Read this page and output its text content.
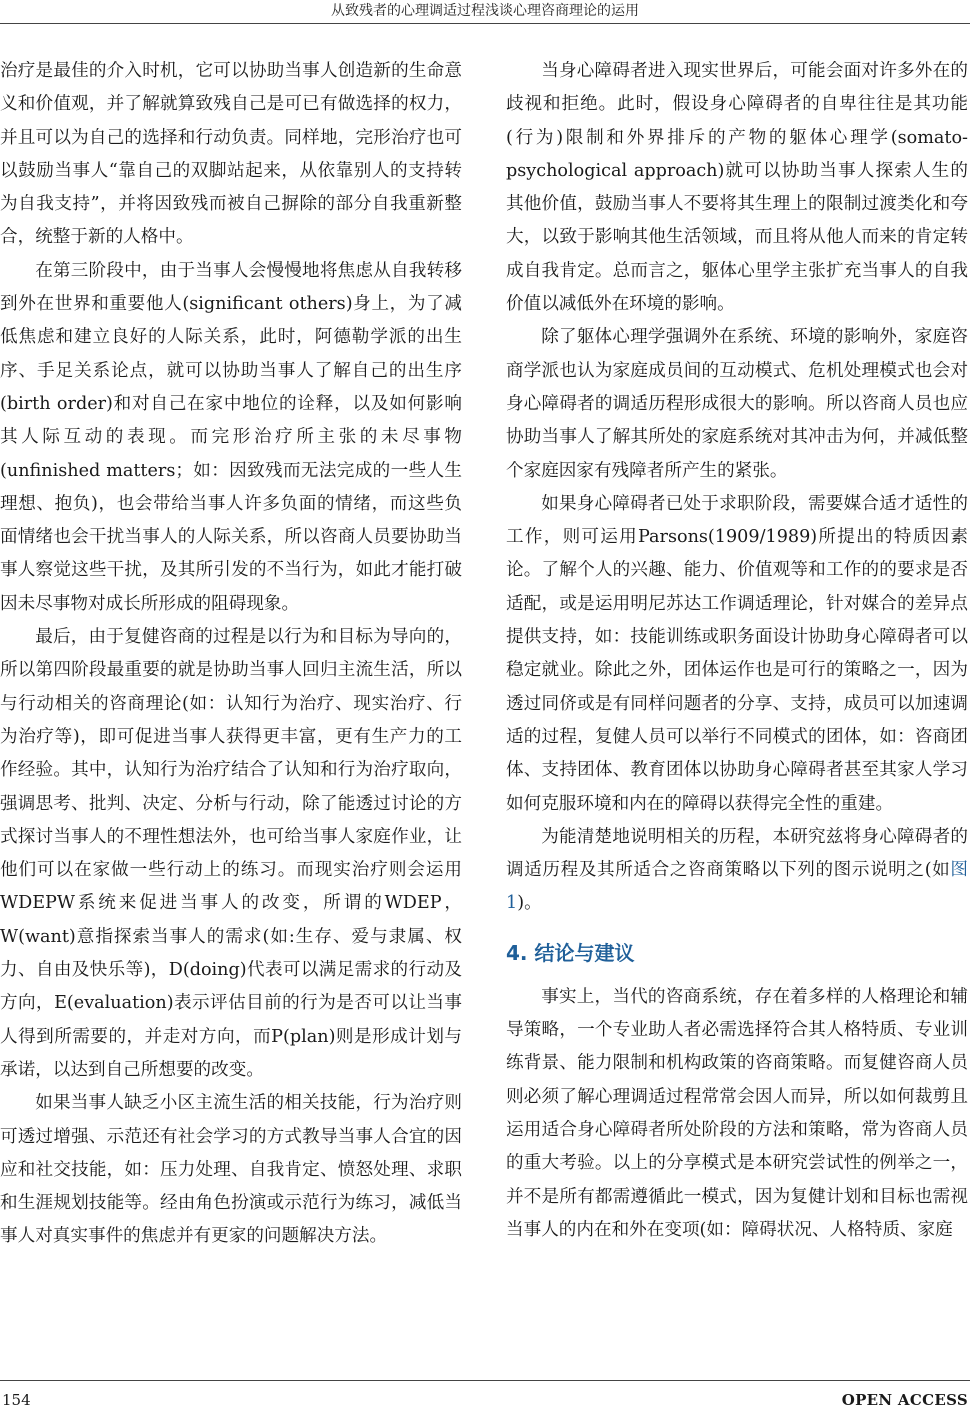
从致残者的心理调适过程浅谈心理咨商理论的运用

治疗是最佳的介入时机，它可以协助当事人创造新的生命意义和价值观，并了解就算致残自己是可已有做选择的权力，并且可以为自己的选择和行动负责。同样地，完形治疗也可以鼓励当事人“靠自己的双脚站起来，从依靠别人的支持转为自我支持”，并将因致残而被自己摒除的部分自我重新整合，统整于新的人格中。

在第三阶段中，由于当事人会慢慢地将焦虑从自我转移到外在世界和重要他人(significant others)身上，为了减低焦虑和建立良好的人际关系，此时，阿德勒学派的出生序、手足关系论点，就可以协助当事人了解自己的出生序(birth order)和对自己在家中地位的诠释，以及如何影响其人际互动的表现。而完形治疗所主张的未尽事物(unfinished matters；如：因致残而无法完成的一些人生理想、抱负)，也会带给当事人许多负面的情绪，而这些负面情绪也会干扰当事人的人际关系，所以咨商人员要协助当事人察觉这些干扰，及其所引发的不当行为，如此才能打破因未尽事物对成长所形成的阻碍现象。

最后，由于复健咨商的过程是以行为和目标为导向的，所以第四阶段最重要的就是协助当事人回归主流生活，所以与行动相关的咨商理论(如：认知行为治疗、现实治疗、行为治疗等)，即可促进当事人获得更丰富，更有生产力的工作经验。其中，认知行为治疗结合了认知和行为治疗取向，强调思考、批判、决定、分析与行动，除了能透过讨论的方式探讨当事人的不理性想法外，也可给当事人家庭作业，让他们可以在家做一些行动上的练习。而现实治疗则会运用WDEPW系统来促进当事人的改变，所谓的WDEP，W(want)意指探索当事人的需求(如:生存、爱与隶属、权力、自由及快乐等)，D(doing)代表可以满足需求的行动及方向，E(evaluation)表示评估目前的行为是否可以让当事人得到所需要的，并走对方向，而P(plan)则是形成计划与承诺，以达到自己所想要的改变。

如果当事人缺乏小区主流生活的相关技能，行为治疗则可透过增强、示范还有社会学习的方式教导当事人合宜的因应和社交技能，如：压力处理、自我肯定、愤怒处理、求职和生涯规划技能等。经由角色扮演或示范行为练习，减低当事人对真实事件的焦虑并有更家的问题解决方法。

当身心障碍者进入现实世界后，可能会面对许多外在的歧视和拒绝。此时，假设身心障碍者的自卑往往是其功能(行为)限制和外界排斥的产物的躯体心理学(somato-psychological approach)就可以协助当事人探索人生的其他价值，鼓励当事人不要将其生理上的限制过渡类化和夸大，以致于影响其他生活领域，而且将从他人而来的肯定转成自我肯定。总而言之，躯体心里学主张扩充当事人的自我价值以减低外在环境的影响。

除了躯体心理学强调外在系统、环境的影响外，家庭咨商学派也认为家庭成员间的互动模式、危机处理模式也会对身心障碍者的调适历程形成很大的影响。所以咨商人员也应协助当事人了解其所处的家庭系统对其冲击为何，并减低整个家庭因家有残障者所产生的紧张。

如果身心障碍者已处于求职阶段，需要媒合适才适性的工作，则可运用Parsons(1909/1989)所提出的特质因素论。了解个人的兴趣、能力、价值观等和工作的的要求是否适配，或是运用明尼苏达工作调适理论，针对媒合的差异点提供支持，如：技能训练或职务面设计协助身心障碍者可以稳定就业。除此之外，团体运作也是可行的策略之一，因为透过同侪或是有同样问题者的分享、支持，成员可以加速调适的过程，复健人员可以举行不同模式的团体，如：咨商团体、支持团体、教育团体以协助身心障碍者甚至其家人学习如何克服环境和内在的障碍以获得完全性的重建。

为能清楚地说明相关的历程，本研究兹将身心障碍者的调适历程及其所适合之咨商策略以下列的图示说明之(如图1)。

4. 结论与建议

事实上，当代的咨商系统，存在着多样的人格理论和辅导策略，一个专业助人者必需选择符合其人格特质、专业训练背景、能力限制和机构政策的咨商策略。而复健咨商人员则必须了解心理调适过程常常会因人而异，所以如何裁剪且运用适合身心障碍者所处阶段的方法和策略，常为咨商人员的重大考验。以上的分享模式是本研究尝试性的例举之一，并不是所有都需遵循此一模式，因为复健计划和目标也需视当事人的内在和外在变项(如：障碍状况、人格特质、家庭

154	OPEN ACCESS
